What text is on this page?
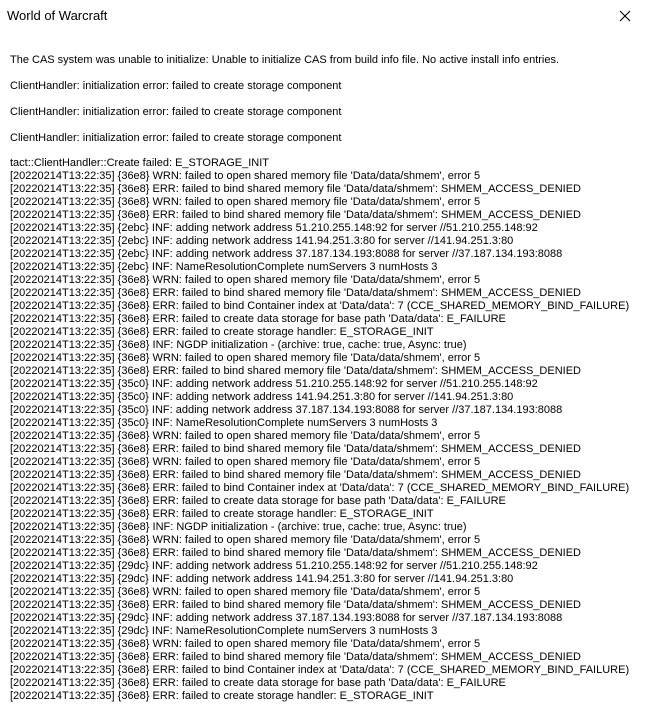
World of Warcraft
The CAS system was unable to initialize: Unable to initialize CAS from build info file. No active install info entries.
ClientHandler: initialization error: failed to create storage component
ClientHandler: initialization error: failed to create storage component
ClientHandler: initialization error: failed to create storage component
tact::ClientHandler::Create failed: E_STORAGE_INIT
[20220214T13:22:35] {36e8} WRN: failed to open shared memory file 'Data/data/shmem', error 5
[20220214T13:22:35] {36e8} ERR: failed to bind shared memory file 'Data/data/shmem': SHMEM_ACCESS_DENIED
[20220214T13:22:35] {36e8} WRN: failed to open shared memory file 'Data/data/shmem', error 5
[20220214T13:22:35] {36e8} ERR: failed to bind shared memory file 'Data/data/shmem': SHMEM_ACCESS_DENIED
[20220214T13:22:35] {2ebc} INF: adding network address 51.210.255.148:92 for server //51.210.255.148:92
[20220214T13:22:35] {2ebc} INF: adding network address 141.94.251.3:80 for server //141.94.251.3:80
[20220214T13:22:35] {2ebc} INF: adding network address 37.187.134.193:8088 for server //37.187.134.193:8088
[20220214T13:22:35] {2ebc} INF: NameResolutionComplete numServers 3 numHosts 3
[20220214T13:22:35] {36e8} WRN: failed to open shared memory file 'Data/data/shmem', error 5
[20220214T13:22:35] {36e8} ERR: failed to bind shared memory file 'Data/data/shmem': SHMEM_ACCESS_DENIED
[20220214T13:22:35] {36e8} ERR: failed to bind Container index at 'Data/data': 7 (CCE_SHARED_MEMORY_BIND_FAILURE)
[20220214T13:22:35] {36e8} ERR: failed to create data storage for base path 'Data/data': E_FAILURE
[20220214T13:22:35] {36e8} ERR: failed to create storage handler: E_STORAGE_INIT
[20220214T13:22:35] {36e8} INF: NGDP initialization - (archive: true, cache: true, Async: true)
[20220214T13:22:35] {36e8} WRN: failed to open shared memory file 'Data/data/shmem', error 5
[20220214T13:22:35] {36e8} ERR: failed to bind shared memory file 'Data/data/shmem': SHMEM_ACCESS_DENIED
[20220214T13:22:35] {35c0} INF: adding network address 51.210.255.148:92 for server //51.210.255.148:92
[20220214T13:22:35] {35c0} INF: adding network address 141.94.251.3:80 for server //141.94.251.3:80
[20220214T13:22:35] {35c0} INF: adding network address 37.187.134.193:8088 for server //37.187.134.193:8088
[20220214T13:22:35] {35c0} INF: NameResolutionComplete numServers 3 numHosts 3
[20220214T13:22:35] {36e8} WRN: failed to open shared memory file 'Data/data/shmem', error 5
[20220214T13:22:35] {36e8} ERR: failed to bind shared memory file 'Data/data/shmem': SHMEM_ACCESS_DENIED
[20220214T13:22:35] {36e8} WRN: failed to open shared memory file 'Data/data/shmem', error 5
[20220214T13:22:35] {36e8} ERR: failed to bind shared memory file 'Data/data/shmem': SHMEM_ACCESS_DENIED
[20220214T13:22:35] {36e8} ERR: failed to bind Container index at 'Data/data': 7 (CCE_SHARED_MEMORY_BIND_FAILURE)
[20220214T13:22:35] {36e8} ERR: failed to create data storage for base path 'Data/data': E_FAILURE
[20220214T13:22:35] {36e8} ERR: failed to create storage handler: E_STORAGE_INIT
[20220214T13:22:35] {36e8} INF: NGDP initialization - (archive: true, cache: true, Async: true)
[20220214T13:22:35] {36e8} WRN: failed to open shared memory file 'Data/data/shmem', error 5
[20220214T13:22:35] {36e8} ERR: failed to bind shared memory file 'Data/data/shmem': SHMEM_ACCESS_DENIED
[20220214T13:22:35] {29dc} INF: adding network address 51.210.255.148:92 for server //51.210.255.148:92
[20220214T13:22:35] {29dc} INF: adding network address 141.94.251.3:80 for server //141.94.251.3:80
[20220214T13:22:35] {36e8} WRN: failed to open shared memory file 'Data/data/shmem', error 5
[20220214T13:22:35] {36e8} ERR: failed to bind shared memory file 'Data/data/shmem': SHMEM_ACCESS_DENIED
[20220214T13:22:35] {29dc} INF: adding network address 37.187.134.193:8088 for server //37.187.134.193:8088
[20220214T13:22:35] {29dc} INF: NameResolutionComplete numServers 3 numHosts 3
[20220214T13:22:35] {36e8} WRN: failed to open shared memory file 'Data/data/shmem', error 5
[20220214T13:22:35] {36e8} ERR: failed to bind shared memory file 'Data/data/shmem': SHMEM_ACCESS_DENIED
[20220214T13:22:35] {36e8} ERR: failed to bind Container index at 'Data/data': 7 (CCE_SHARED_MEMORY_BIND_FAILURE)
[20220214T13:22:35] {36e8} ERR: failed to create data storage for base path 'Data/data': E_FAILURE
[20220214T13:22:35] {36e8} ERR: failed to create storage handler: E_STORAGE_INIT
